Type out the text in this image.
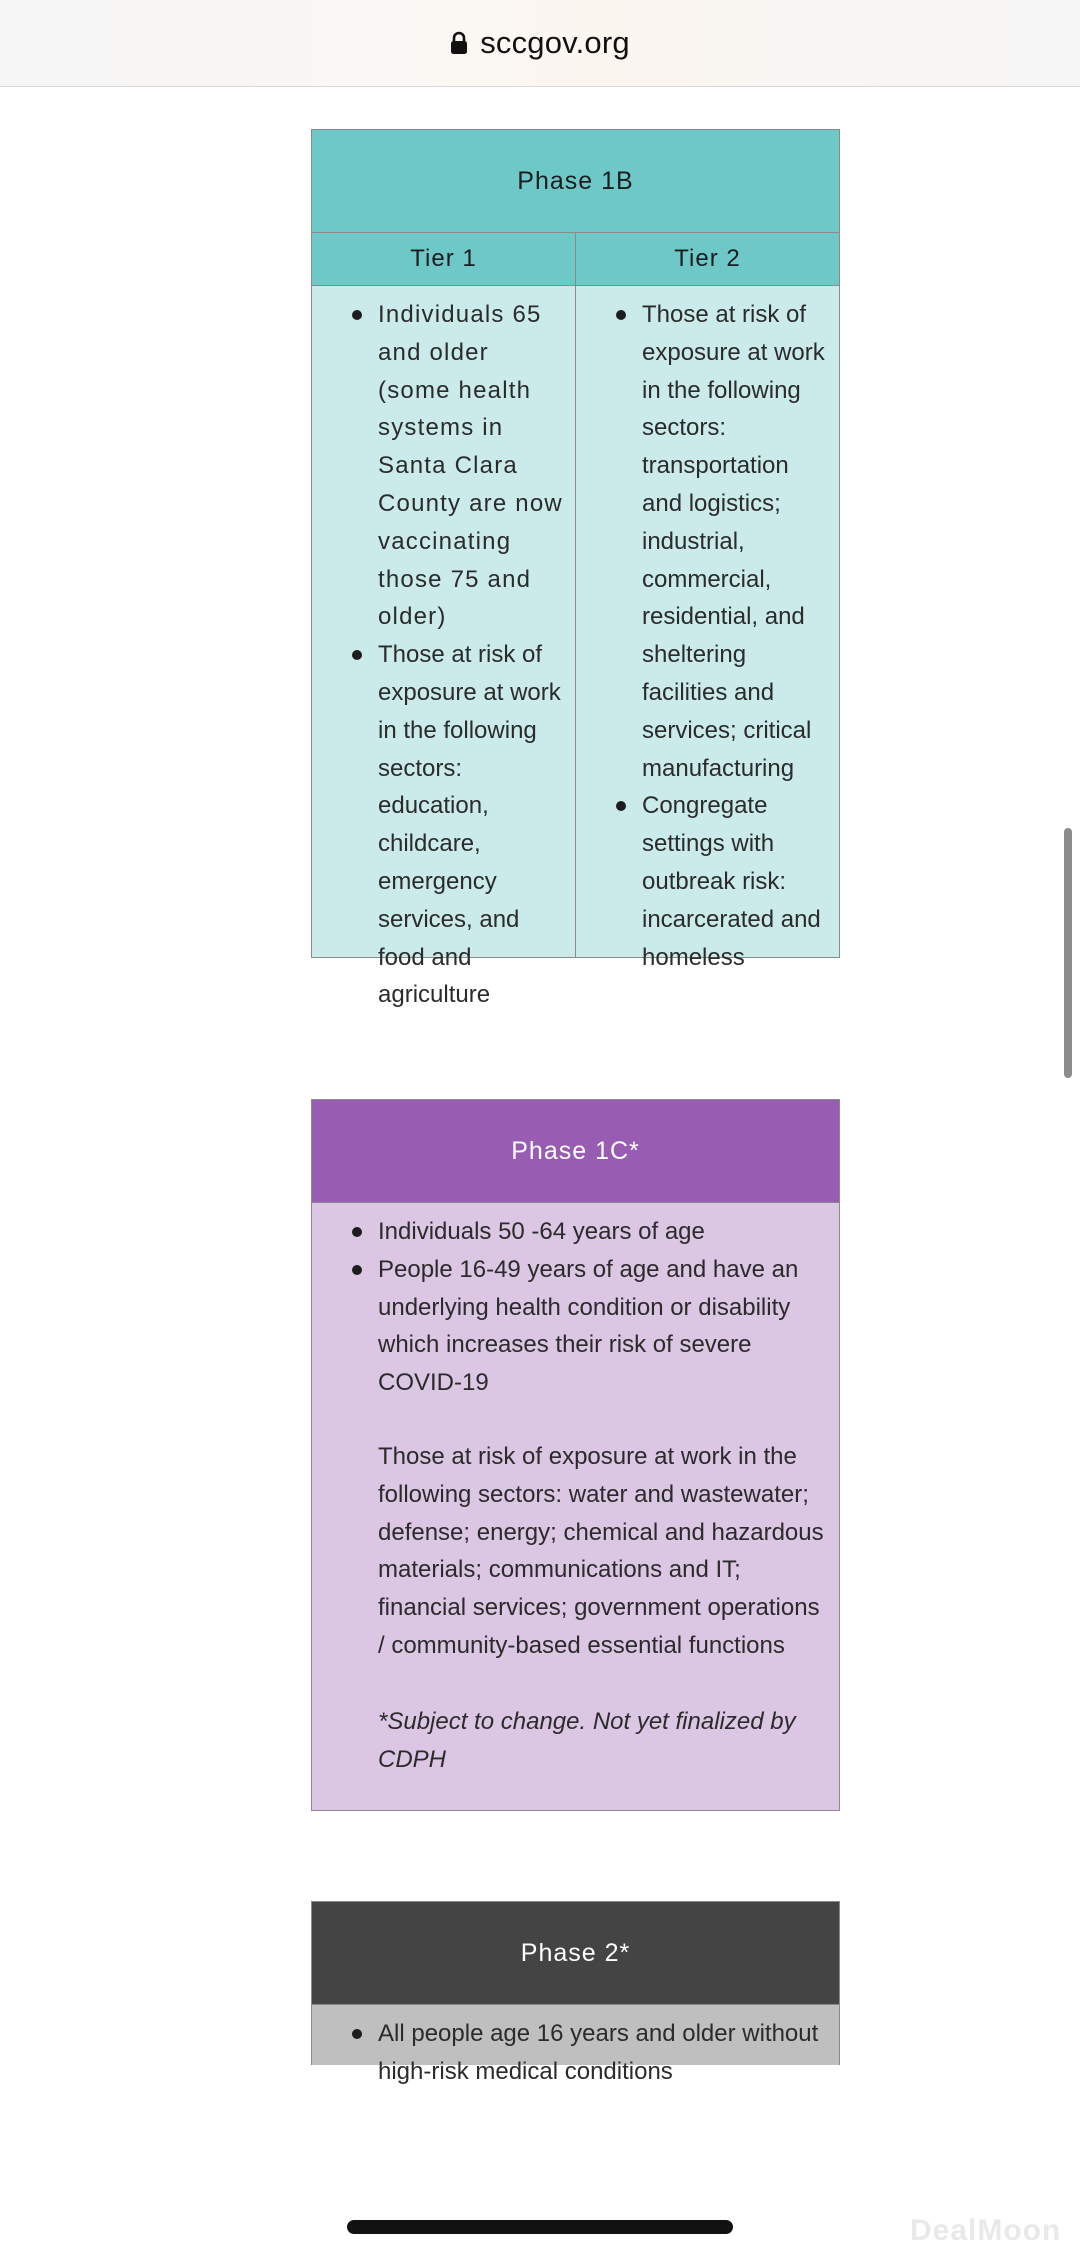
sccgov.org
Phase 1B
Tier 1
Individuals 65 and older (some health systems in Santa Clara County are now vaccinating those 75 and older)
Those at risk of exposure at work in the following sectors: education, childcare, emergency services, and food and agriculture
Tier 2
Those at risk of exposure at work in the following sectors: transportation and logistics; industrial, commercial, residential, and sheltering facilities and services; critical manufacturing
Congregate settings with outbreak risk: incarcerated and homeless
Phase 1C*
Individuals 50 -64 years of age
People 16-49 years of age and have an underlying health condition or disability which increases their risk of severe COVID-19

Those at risk of exposure at work in the following sectors: water and wastewater; defense; energy; chemical and hazardous materials; communications and IT; financial services; government operations / community-based essential functions

*Subject to change. Not yet finalized by CDPH

Phase 2*
All people age 16 years and older without high-risk medical conditions
DealMoon
